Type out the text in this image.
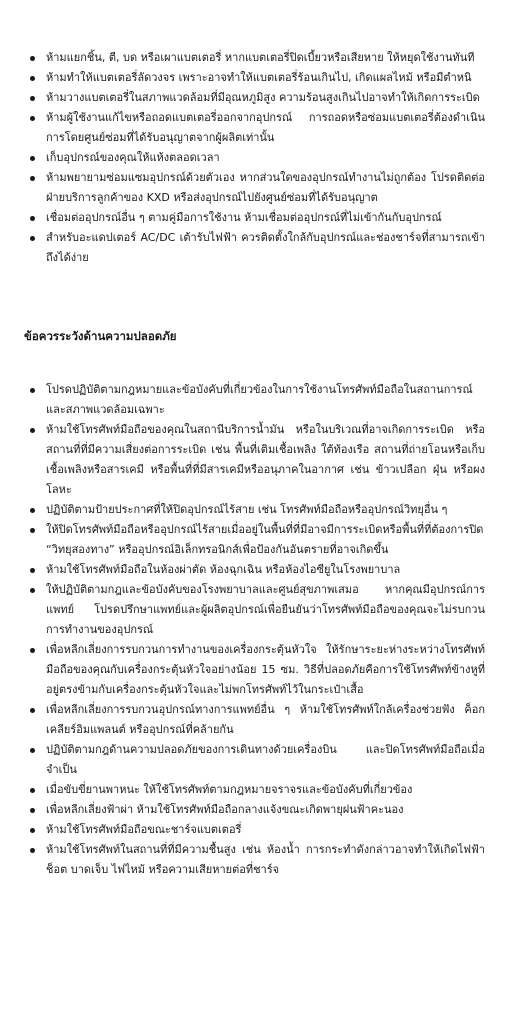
ห้ามแยกชิ้น, ตี, บด หรือเผาแบตเตอรี่ หากแบตเตอรี่ปิดเบี้ยวหรือเสียหาย ให้หยุดใช้งานทันที
ห้ามทำให้แบตเตอรี่ลัดวงจร เพราะอาจทำให้แบตเตอรี่ร้อนเกินไป, เกิดแผลไหม้ หรือมีตำหนิ
ห้ามวางแบตเตอรี่ในสภาพแวดล้อมที่มีอุณหภูมิสูง ความร้อนสูงเกินไปอาจทำให้เกิดการระเบิด
ห้ามผู้ใช้งานแก้ไขหรือถอดแบตเตอรี่ออกจากอุปกรณ์ การถอดหรือซ่อมแบตเตอรี่ต้องดำเนินการโดยศูนย์ซ่อมที่ได้รับอนุญาตจากผู้ผลิตเท่านั้น
เก็บอุปกรณ์ของคุณให้แห้งตลอดเวลา
ห้ามพยายามซ่อมแซมอุปกรณ์ด้วยตัวเอง หากส่วนใดของอุปกรณ์ทำงานไม่ถูกต้อง โปรดติดต่อฝ่ายบริการลูกค้าของ KXD หรือส่งอุปกรณ์ไปยังศูนย์ซ่อมที่ได้รับอนุญาต
เชื่อมต่ออุปกรณ์อื่น ๆ ตามคู่มือการใช้งาน ห้ามเชื่อมต่ออุปกรณ์ที่ไม่เข้ากันกับอุปกรณ์
สำหรับอะแดปเตอร์ AC/DC เต้ารับไฟฟ้า ควรติดตั้งใกล้กับอุปกรณ์และช่องชาร์จที่สามารถเข้าถึงได้ง่าย
ข้อควรระวังด้านความปลอดภัย
โปรดปฏิบัติตามกฎหมายและข้อบังคับที่เกี่ยวข้องในการใช้งานโทรศัพท์มือถือในสถานการณ์และสภาพแวดล้อมเฉพาะ
ห้ามใช้โทรศัพท์มือถือของคุณในสถานีบริการน้ำมัน หรือในบริเวณที่อาจเกิดการระเบิด หรือสถานที่ที่มีความเสี่ยงต่อการระเบิด เช่น พื้นที่เติมเชื้อเพลิง ใต้ท้องเรือ สถานที่ถ่ายโอนหรือเก็บเชื้อเพลิงหรือสารเคมี หรือพื้นที่ที่มีสารเคมีหรืออนุภาคในอากาศ เช่น ข้าวเปลือก ฝุ่น หรือผงโลหะ
ปฏิบัติตามป้ายประกาศที่ให้ปิดอุปกรณ์ไร้สาย เช่น โทรศัพท์มือถือหรืออุปกรณ์วิทยุอื่น ๆ
ให้ปิดโทรศัพท์มือถือหรืออุปกรณ์ไร้สายเมื่ออยู่ในพื้นที่ที่มีอาจมีการระเบิดหรือพื้นที่ที่ต้องการปิด “วิทยุสองทาง” หรืออุปกรณ์อิเล็กทรอนิกส์เพื่อป้องกันอันตรายที่อาจเกิดขึ้น
ห้ามใช้โทรศัพท์มือถือในห้องผ่าตัด ห้องฉุกเฉิน หรือห้องไอซียูในโรงพยาบาล
ให้ปฏิบัติตามกฎและข้อบังคับของโรงพยาบาลและศูนย์สุขภาพเสมอ หากคุณมีอุปกรณ์การแพทย์ โปรดปรึกษาแพทย์และผู้ผลิตอุปกรณ์เพื่อยืนยันว่าโทรศัพท์มือถือของคุณจะไม่รบกวนการทำงานของอุปกรณ์
เพื่อหลีกเลี่ยงการรบกวนการทำงานของเครื่องกระตุ้นหัวใจ ให้รักษาระยะห่างระหว่างโทรศัพท์มือถือของคุณกับเครื่องกระตุ้นหัวใจอย่างน้อย 15 ซม. วิธีที่ปลอดภัยคือการใช้โทรศัพท์ข้างหูที่อยู่ตรงข้ามกับเครื่องกระตุ้นหัวใจและไม่พกโทรศัพท์ไว้ในกระเป๋าเสื้อ
เพื่อหลีกเลี่ยงการรบกวนอุปกรณ์ทางการแพทย์อื่น ๆ ห้ามใช้โทรศัพท์ใกล้เครื่องช่วยฟัง ค็อกเคลียร์อิมแพลนต์ หรืออุปกรณ์ที่คล้ายกัน
ปฏิบัติตามกฎด้านความปลอดภัยของการเดินทางด้วยเครื่องบิน และปิดโทรศัพท์มือถือเมื่อจำเป็น
เมื่อขับขี่ยานพาหนะ ให้ใช้โทรศัพท์ตามกฎหมายจราจรและข้อบังคับที่เกี่ยวข้อง
เพื่อหลีกเลี่ยงฟ้าผ่า ห้ามใช้โทรศัพท์มือถือกลางแจ้งขณะเกิดพายุฝนฟ้าคะนอง
ห้ามใช้โทรศัพท์มือถือขณะชาร์จแบตเตอรี่
ห้ามใช้โทรศัพท์ในสถานที่ที่มีความชื้นสูง เช่น ห้องน้ำ การกระทำดังกล่าวอาจทำให้เกิดไฟฟ้าช็อต บาดเจ็บ ไฟไหม้ หรือความเสียหายต่อที่ชาร์จ
